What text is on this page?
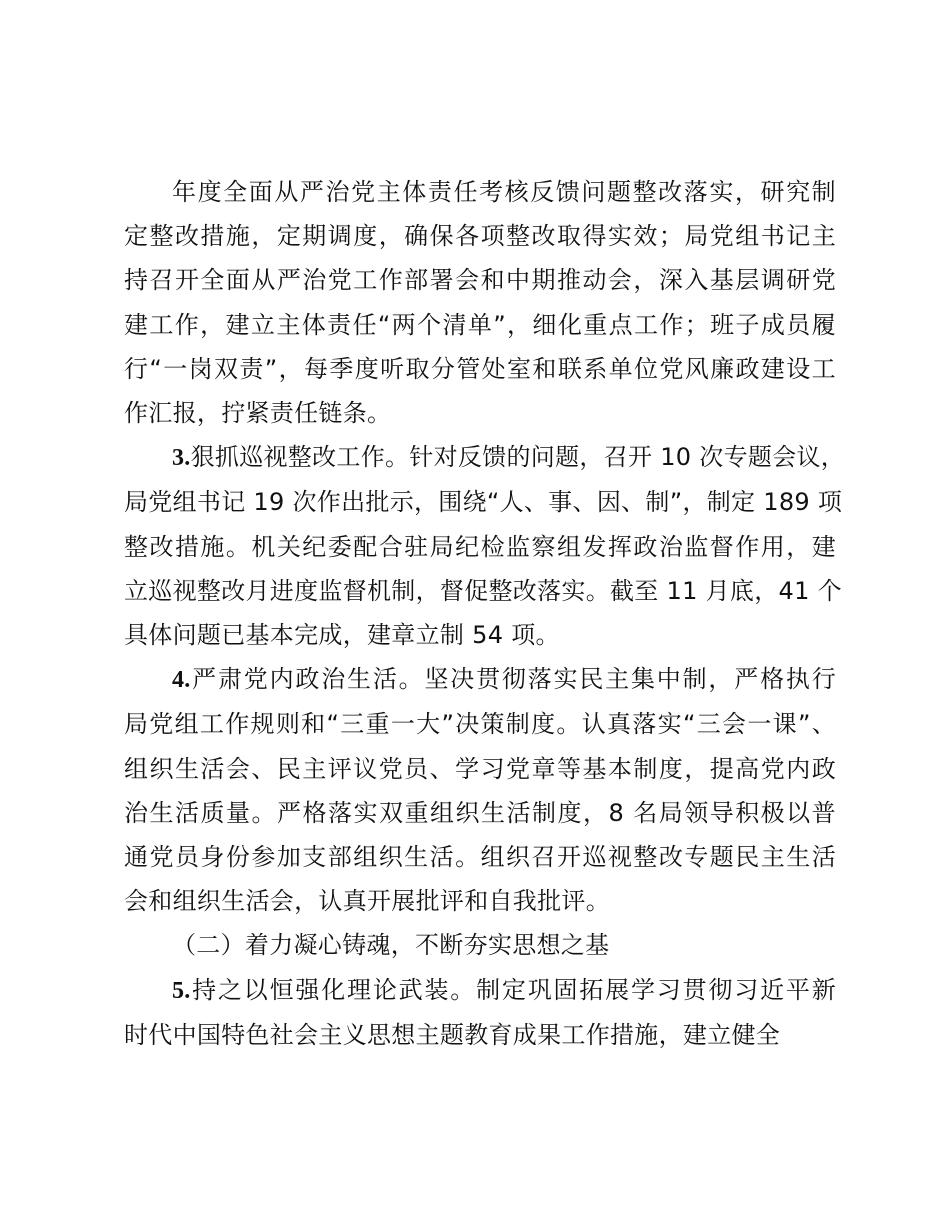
年度全面从严治党主体责任考核反馈问题整改落实，研究制
定整改措施，定期调度，确保各项整改取得实效；局党组书记主
持召开全面从严治党工作部署会和中期推动会，深入基层调研党
建工作，建立主体责任“两个清单”，细化重点工作；班子成员履
行“一岗双责”，每季度听取分管处室和联系单位党风廉政建设工
作汇报，拧紧责任链条。
3.狠抓巡视整改工作。针对反馈的问题，召开 10 次专题会议，
局党组书记 19 次作出批示，围绕“人、事、因、制”，制定 189 项
整改措施。机关纪委配合驻局纪检监察组发挥政治监督作用，建
立巡视整改月进度监督机制，督促整改落实。截至 11 月底，41 个
具体问题已基本完成，建章立制 54 项。
4.严肃党内政治生活。坚决贯彻落实民主集中制，严格执行
局党组工作规则和“三重一大”决策制度。认真落实“三会一课”、
组织生活会、民主评议党员、学习党章等基本制度，提高党内政
治生活质量。严格落实双重组织生活制度，8 名局领导积极以普
通党员身份参加支部组织生活。组织召开巡视整改专题民主生活
会和组织生活会，认真开展批评和自我批评。
（二）着力凝心铸魂，不断夯实思想之基
5.持之以恒强化理论武装。制定巩固拓展学习贯彻习近平新
时代中国特色社会主义思想主题教育成果工作措施，建立健全
